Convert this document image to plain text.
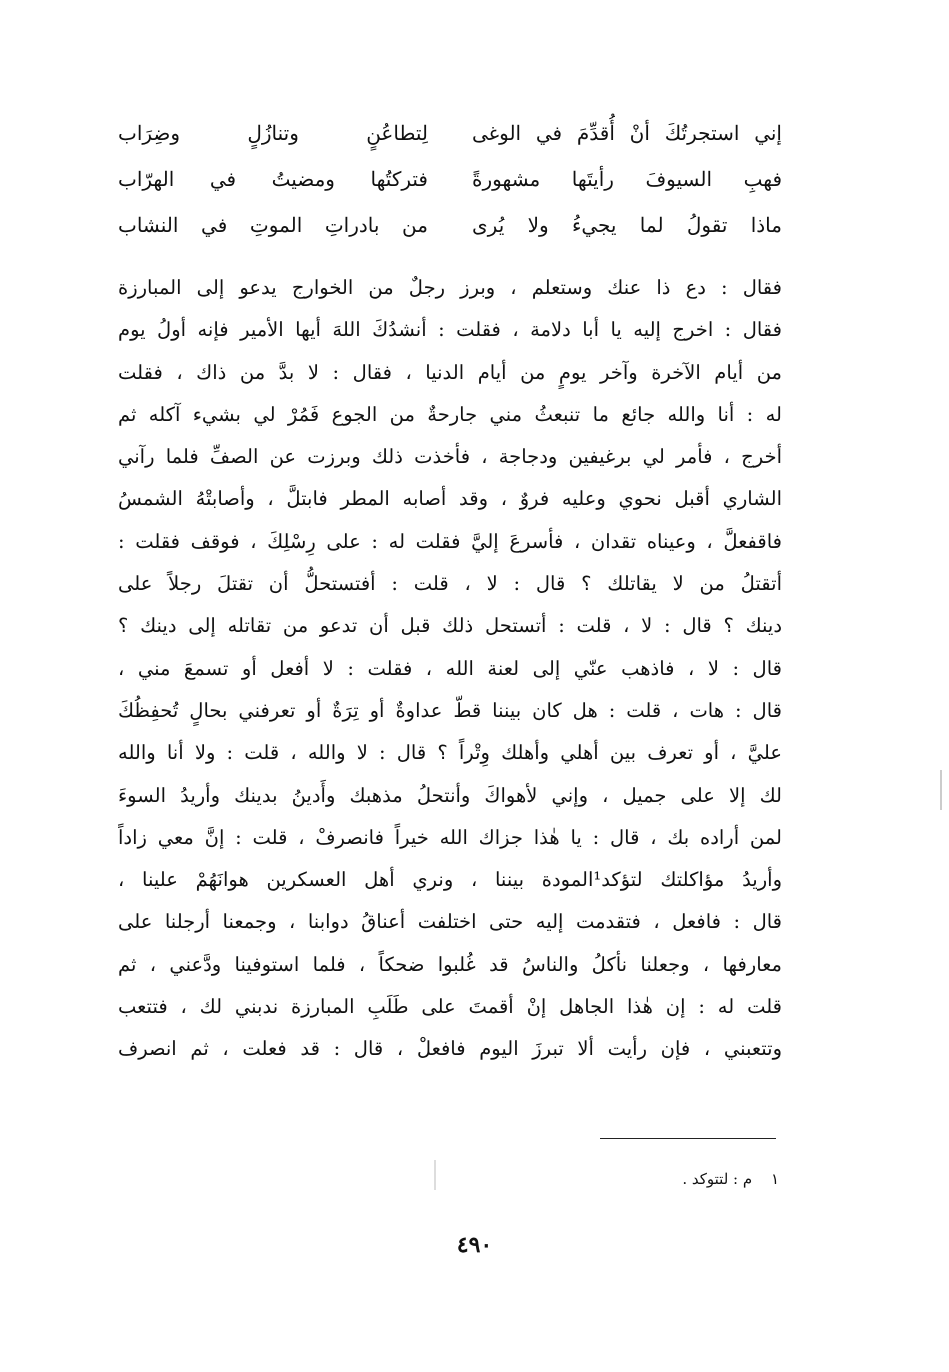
إني استجرتُكَ أنْ أُقدِّمَ في الوغى
لِتطاعُنٍ وتنازُلٍ وضِرَاب
فهبِ السيوفَ رأيتَها مشهورةً
فتركتُها ومضيتُ في الهرّاب
ماذا تقولُ لما يجيءُ ولا يُرى
من بادراتِ الموتِ في النشاب
فقال : دع ذا عنك وستعلم ، وبرز رجلٌ من الخوارج يدعو إلى المبارزة
فقال : اخرج إليه يا أبا دلامة ، فقلت : أنشدُكَ اللهَ أيها الأمير فإنه أولُ يوم
من أيام الآخرة وآخر يومٍ من أيام الدنيا ، فقال : لا بدَّ من ذاك ، فقلت
له : أنا والله جائع ما تنبعثُ مني جارحةٌ من الجوع فَمُرْ لي بشيء آكله ثم
أخرج ، فأمر لي برغيفين ودجاجة ، فأخذت ذلك وبرزت عن الصفِّ فلما رآني
الشاري أقبل نحوي وعليه فروٌ ، وقد أصابه المطر فابتلَّ ، وأصابتْهُ الشمسُ
فاقفعلَّ ، وعيناه تقدان ، فأسرعَ إليَّ فقلت له : على رِسْلِكَ ، فوقف فقلت :
أتقتلُ من لا يقاتلك ؟ قال : لا ، قلت : أفتستحلُّ أن تقتلَ رجلاً على
دينك ؟ قال : لا ، قلت : أتستحل ذلك قبل أن تدعو من تقاتله إلى دينك ؟
قال : لا ، فاذهب عنّي إلى لعنة الله ، فقلت : لا أفعل أو تسمعَ مني ،
قال : هات ، قلت : هل كان بيننا قطّ عداوةٌ أو تِرَةٌ أو تعرفني بحالٍ تُحفِظُكَ
عليَّ ، أو تعرف بين أهلي وأهلك وِتْراً ؟ قال : لا والله ، قلت : ولا أنا والله
لك إلا على جميل ، وإني لأهواكَ وأنتحلُ مذهبك وأَدينُ بدينك وأريدُ السوءَ
لمن أراده بك ، قال : يا هٰذا جزاك الله خيراً فانصرفْ ، قلت : إنَّ معي زاداً
وأريدُ مؤاكلتك لتؤكد¹المودة بيننا ، ونري أهل العسكرين هوانَهُمْ علينا ،
قال : فافعل ، فتقدمت إليه حتى اختلفت أعناقُ دوابنا ، وجمعنا أرجلنا على
معارفها ، وجعلنا نأكلُ والناسُ قد غُلبوا ضحكاً ، فلما استوفينا ودَّعني ، ثم
قلت له : إن هٰذا الجاهل إنْ أقمتَ على طَلَبِ المبارزة ندبني لك ، فتتعب
وتتعبني ، فإن رأيت ألا تبرزَ اليوم فافعلْ ، قال : قد فعلت ، ثم انصرف
١ م : لتتوكد .
٤٩٠
